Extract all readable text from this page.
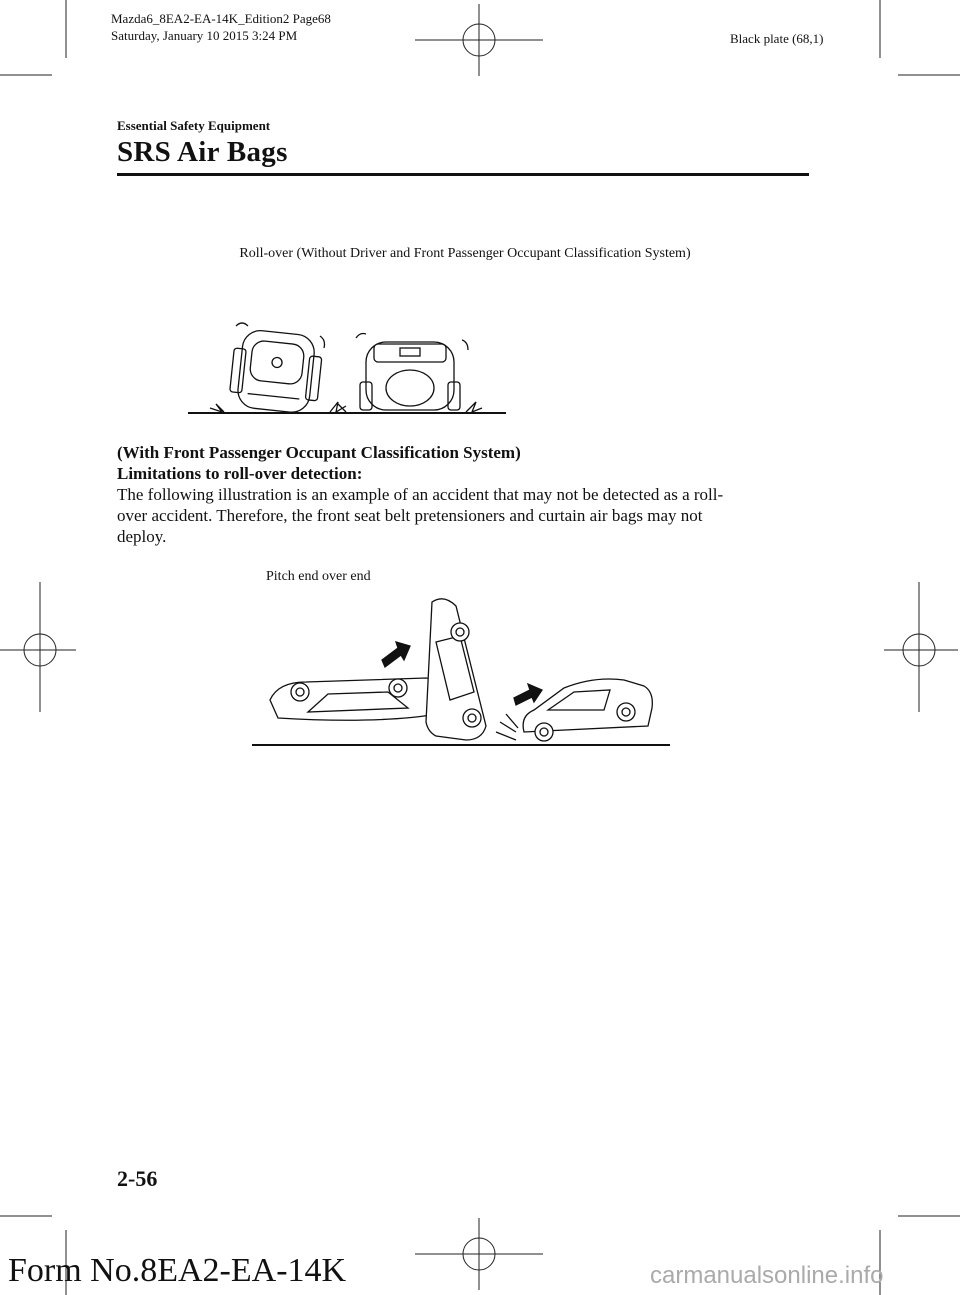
Mazda6_8EA2-EA-14K_Edition2 Page68
Saturday, January 10 2015 3:24 PM	Black plate (68,1)
Essential Safety Equipment
SRS Air Bags
Roll-over (Without Driver and Front Passenger Occupant Classification System)
(With Front Passenger Occupant Classification System)
Limitations to roll-over detection:

The following illustration is an example of an accident that may not be detected as a roll-

over accident. Therefore, the front seat belt pretensioners and curtain air bags may not

deploy.

Pitch end over end
2-56
Form No.8EA2-EA-14K	carmanualsonline.info
